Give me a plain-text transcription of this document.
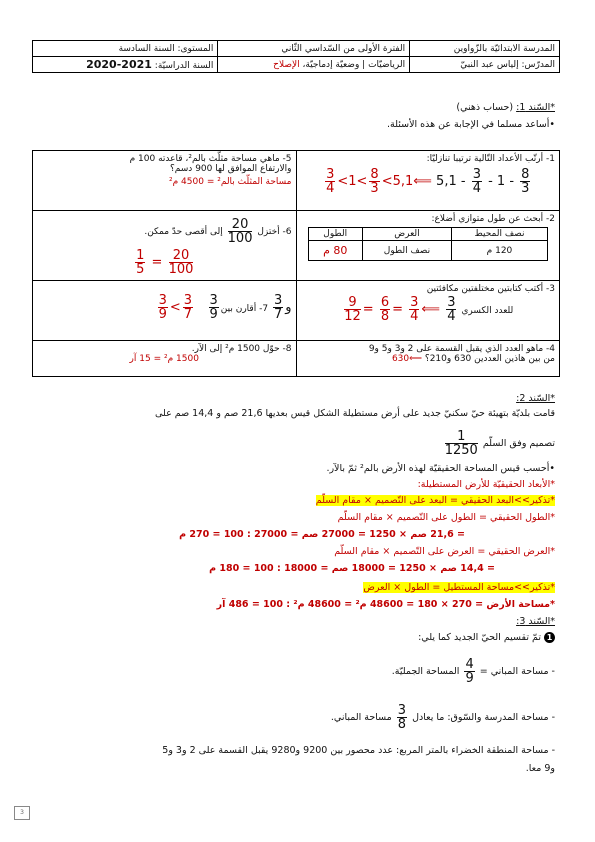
المدرسة الابتدائيّة بالزّواوين	الفترة الأولى من السّداسي الثّاني	المستوى: السنة السادسة
المدرّس: إلياس عبد النبيّ	الرياضيّات | وضعيّة إدماجيّة، الإصلاح	السنة الدراسيّة: 2021-2020
*السّند 1: (حساب ذهني)
•أساعد مسلما في الإجابة عن هذه الأسئلة.
1- أرتّب الأعداد التّالية ترتيبا تنازليّا:
$\frac{3}{4} <1< \frac{8}{3}$ <5,1⟸ $5,1 - \frac{3}{4} - 1 - \frac{8}{3}$

5- ماهي مساحة مثلّث بالم²، قاعدته 100 م
والارتفاع الموافق لها 900 دسم؟
مساحة المثلّث بالم² = 4500 م²

2- أبحث عن طول متوازي أضلاع:
نصف المحيط	العرض	الطول
120 م	نصف الطول	80 م

6- أختزل
$\frac{20}{100}$
إلى أقصى حدّ ممكن.
$\frac{1}{5} = \frac{20}{100}$

3- أكتب كتابتين مختلفتين مكافئتين
$\frac{9}{12} = \frac{6}{8} = \frac{3}{4}$ ⟸ $\frac{3}{4}$ للعدد الكسري

$\frac{3}{9} < \frac{3}{7}$
$\frac{3}{9}$	و
$\frac{3}{7}$
7- أقارن بين

4- ماهو العدد الذي يقبل القسمة على 2 و3 و5 و9
من بين هاذين العددين 630 و210؟ ⟸630

8- حوّل 1500 م² إلى الآر.
1500 م² = 15 آر
*السّند 2:
قامت بلديّة بتهيئة حيّ سكنيّ جديد على أرض مستطيلة الشكل قيس بعديها 21,6 صم و 14,4 صم على
تصميم وفق السلّم
$\frac{1}{1250}$
•أحسب قيس المساحة الحقيقيّة لهذه الأرض بالم² ثمّ بالآر.
*الأبعاد الحقيقيّة للأرض المستطيلة:
*تذكير>>البعد الحقيقي = البعد على التّصميم × مقام السلّم
*الطول الحقيقي = الطول على التّصميم × مقام السلّم
= 21,6 صم × 1250 = 27000 صم = 27000 : 100 = 270 م
*العرض الحقيقي = العرض على التّصميم × مقام السلّم
= 14,4 صم × 1250 = 18000 صم = 18000 : 100 = 180 م
*تذكير>>مساحة المستطيل = الطول × العرض
*مساحة الأرض = 270 × 180 = 48600 م² = 48600 م² : 100 = 486 آر
*السّند 3:
1 تمّ تقسيم الحيّ الجديد كما يلي:
- مساحة المباني =
$\frac{4}{9}$
المساحة الجمليّة.
- مساحة المدرسة والسّوق: ما يعادل
$\frac{3}{8}$
مساحة المباني.
- مساحة المنطقة الخضراء بالمتر المربع: عدد محصور بين 9200 و9280 يقبل القسمة على 2 و3 و5
و9 معا.
3
